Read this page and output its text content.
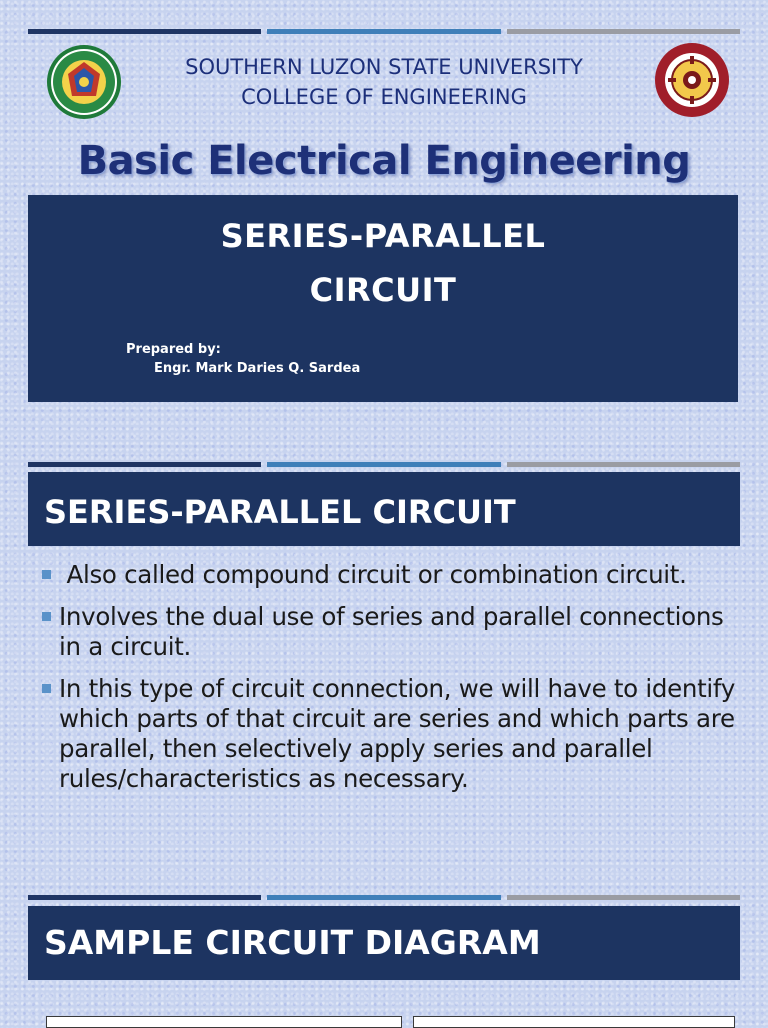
SOUTHERN LUZON STATE UNIVERSITY
COLLEGE OF ENGINEERING
Basic Electrical Engineering
SERIES-PARALLEL
CIRCUIT
Prepared by:
Engr. Mark Daries Q. Sardea
SERIES-PARALLEL CIRCUIT
Also called compound circuit or combination circuit.
Involves the dual use of series and parallel connections in a circuit.
In this type of circuit connection, we will have to identify which parts of that circuit are series and which parts are parallel, then selectively apply series and parallel rules/characteristics as necessary.
SAMPLE CIRCUIT DIAGRAM
